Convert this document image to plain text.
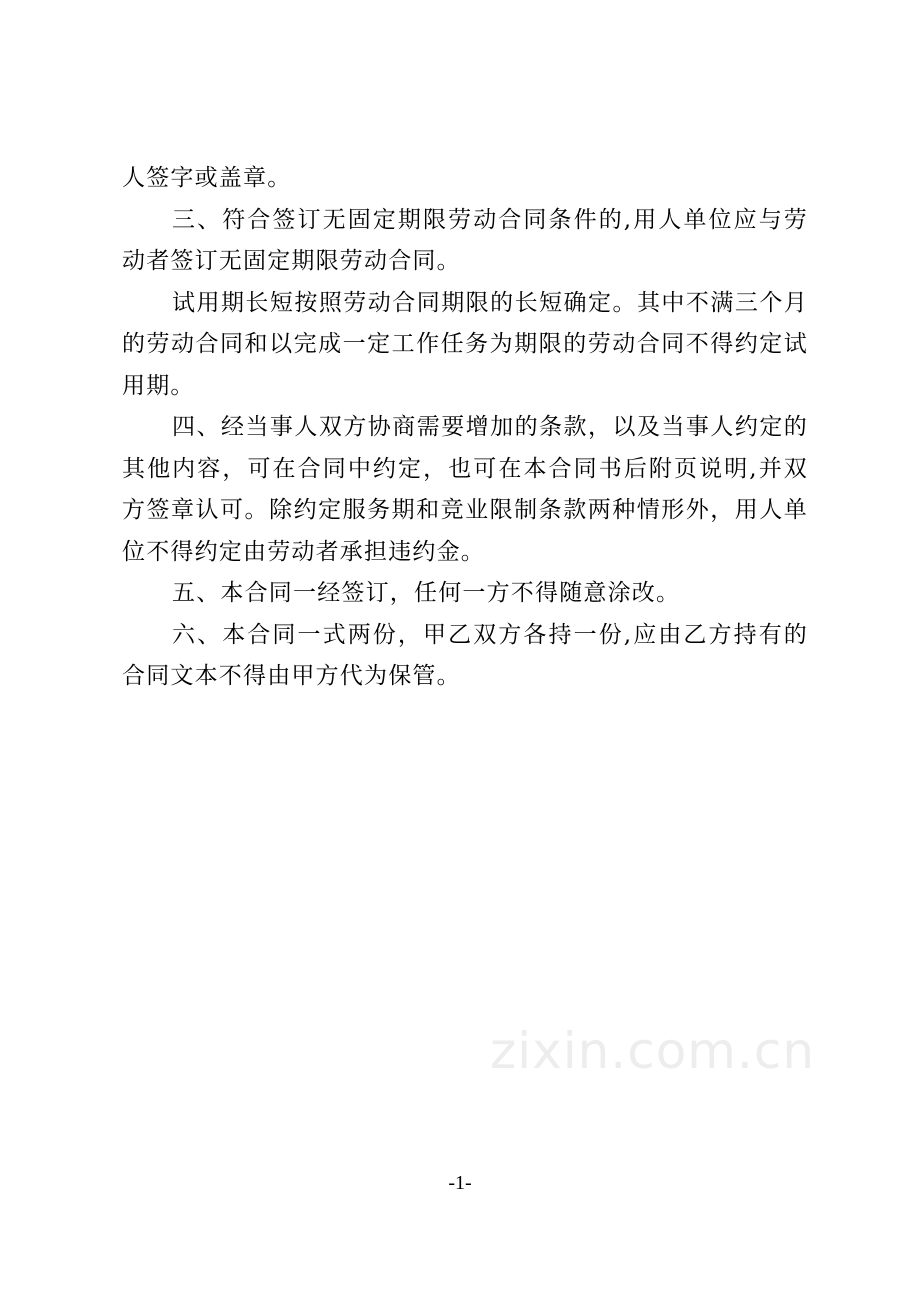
人签字或盖章。

三、符合签订无固定期限劳动合同条件的,用人单位应与劳动者签订无固定期限劳动合同。

试用期长短按照劳动合同期限的长短确定。其中不满三个月的劳动合同和以完成一定工作任务为期限的劳动合同不得约定试用期。

四、经当事人双方协商需要增加的条款，以及当事人约定的其他内容，可在合同中约定，也可在本合同书后附页说明,并双方签章认可。除约定服务期和竞业限制条款两种情形外，用人单位不得约定由劳动者承担违约金。

五、本合同一经签订，任何一方不得随意涂改。

六、本合同一式两份，甲乙双方各持一份,应由乙方持有的合同文本不得由甲方代为保管。

zixin.com.cn
-1-
